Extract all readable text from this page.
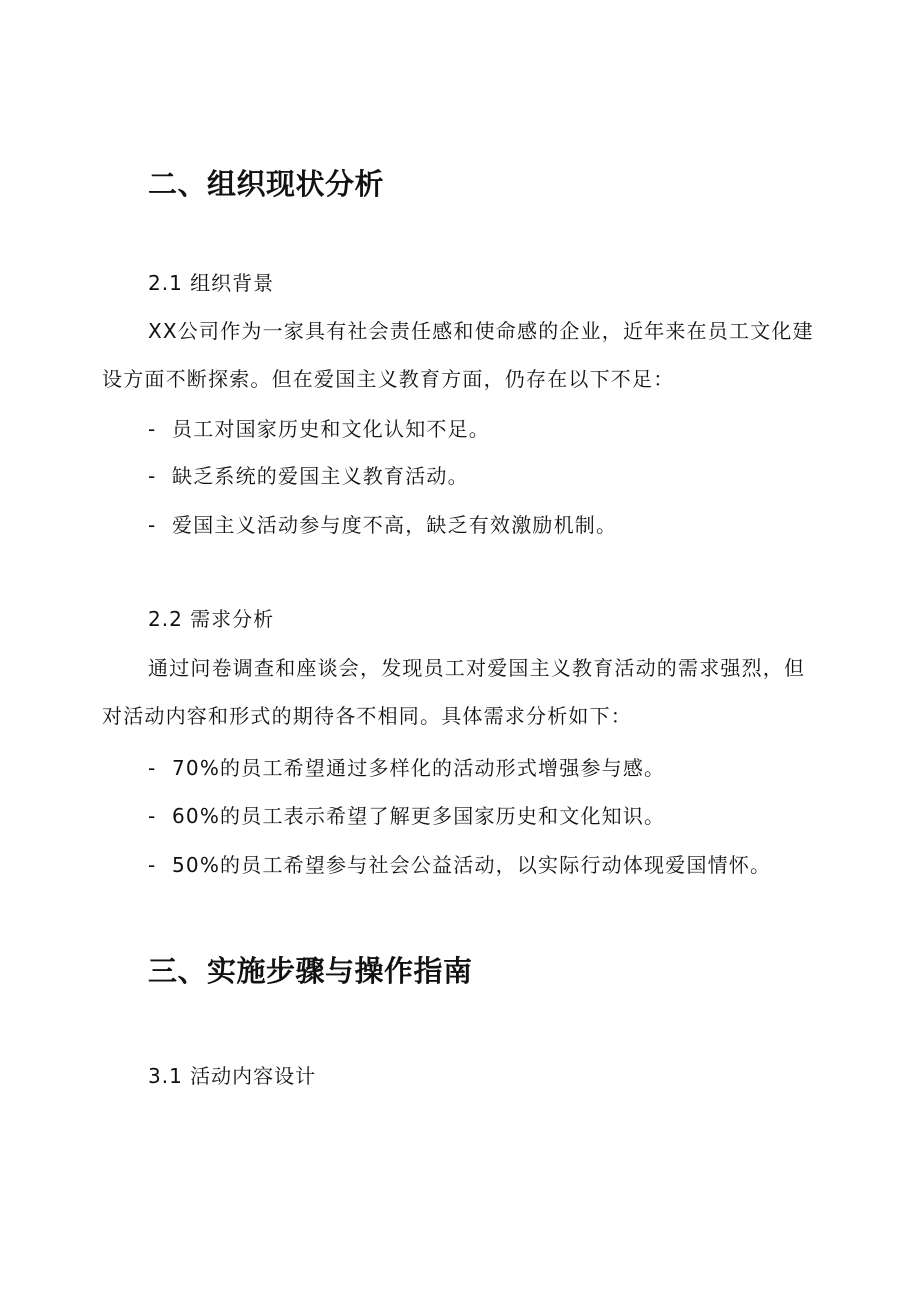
二、组织现状分析
2.1 组织背景
XX公司作为一家具有社会责任感和使命感的企业，近年来在员工文化建设方面不断探索。但在爱国主义教育方面，仍存在以下不足：
- 员工对国家历史和文化认知不足。
- 缺乏系统的爱国主义教育活动。
- 爱国主义活动参与度不高，缺乏有效激励机制。
2.2 需求分析
通过问卷调查和座谈会，发现员工对爱国主义教育活动的需求强烈，但对活动内容和形式的期待各不相同。具体需求分析如下：
- 70%的员工希望通过多样化的活动形式增强参与感。
- 60%的员工表示希望了解更多国家历史和文化知识。
- 50%的员工希望参与社会公益活动，以实际行动体现爱国情怀。
三、实施步骤与操作指南
3.1 活动内容设计
